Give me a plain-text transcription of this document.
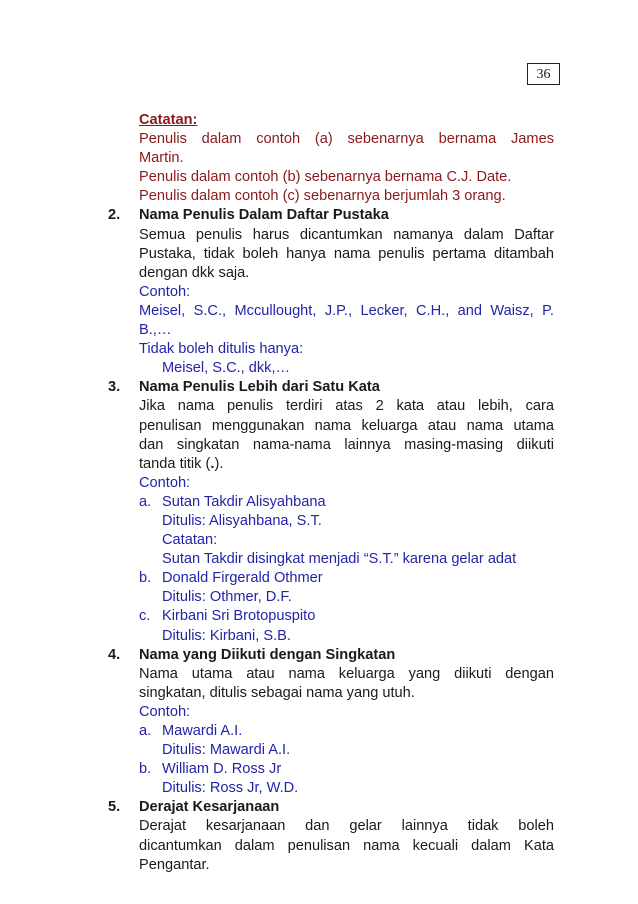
36
Catatan:
Penulis dalam contoh (a) sebenarnya bernama James
Martin.
Penulis dalam contoh (b) sebenarnya bernama C.J. Date.
Penulis dalam contoh (c) sebenarnya berjumlah 3 orang.
2. Nama Penulis Dalam Daftar Pustaka
Semua penulis harus dicantumkan namanya dalam Daftar
Pustaka, tidak boleh hanya nama penulis pertama ditambah
dengan dkk saja.
Contoh:
Meisel, S.C., Mccullought, J.P., Lecker, C.H., and Waisz, P.
B.,…
Tidak boleh ditulis hanya:
Meisel, S.C., dkk,…
3. Nama Penulis Lebih dari Satu Kata
Jika nama penulis terdiri atas 2 kata atau lebih, cara
penulisan menggunakan nama keluarga atau nama utama
dan singkatan nama-nama lainnya masing-masing diikuti
tanda titik (.).
Contoh:
a. Sutan Takdir Alisyahbana
Ditulis: Alisyahbana, S.T.
Catatan:
Sutan Takdir disingkat menjadi “S.T.” karena gelar adat
b. Donald Firgerald Othmer
Ditulis: Othmer, D.F.
c. Kirbani Sri Brotopuspito
Ditulis: Kirbani, S.B.
4. Nama yang Diikuti dengan Singkatan
Nama utama atau nama keluarga yang diikuti dengan
singkatan, ditulis sebagai nama yang utuh.
Contoh:
a. Mawardi A.I.
Ditulis: Mawardi A.I.
b. William D. Ross Jr
Ditulis: Ross Jr, W.D.
5. Derajat Kesarjanaan
Derajat kesarjanaan dan gelar lainnya tidak boleh
dicantumkan dalam penulisan nama kecuali dalam Kata
Pengantar.
